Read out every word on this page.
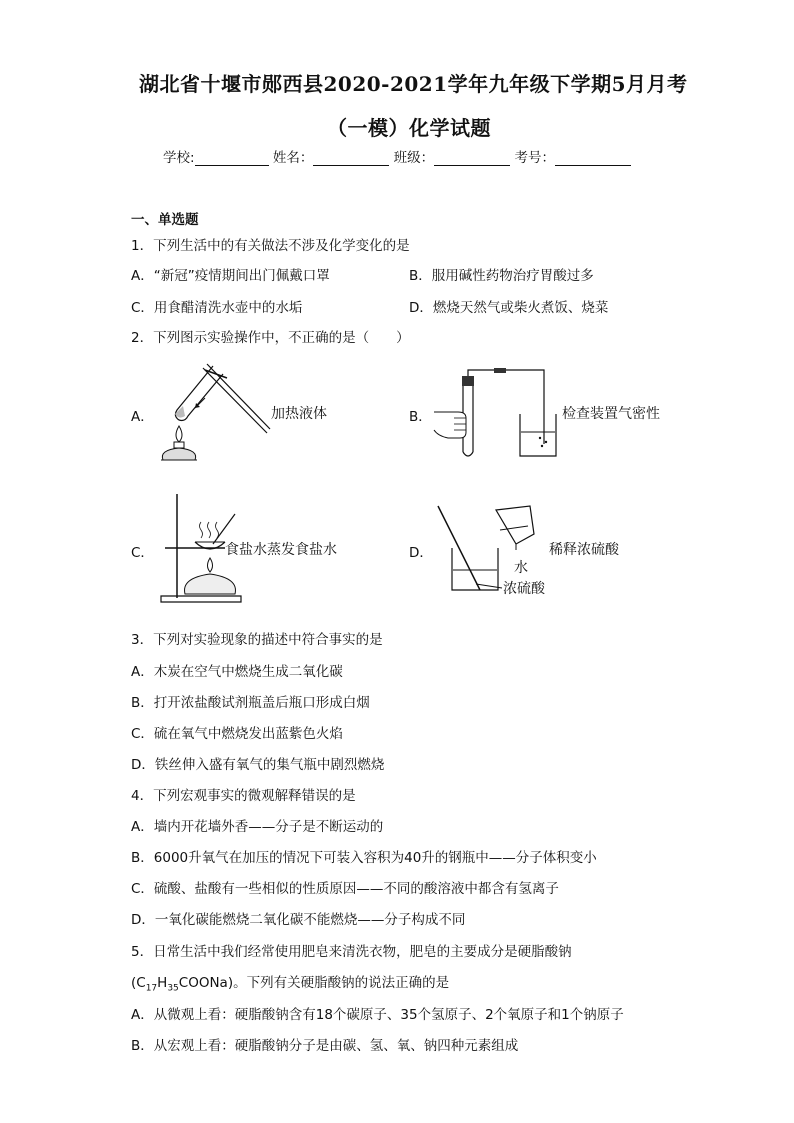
湖北省十堰市郧西县2020-2021学年九年级下学期5月月考
（一模）化学试题
学校:	姓名：	班级：	考号：
一、单选题
1．下列生活中的有关做法不涉及化学变化的是
A．“新冠”疫情期间出门佩戴口罩	B．服用碱性药物治疗胃酸过多
C．用食醋清洗水壶中的水垢	D．燃烧天然气或柴火煮饭、烧菜
2．下列图示实验操作中，不正确的是（　　）
A．	加热液体	B．	检查装置气密性
C．	食盐水蒸发食盐水	D．	稀释浓硫酸
水
浓硫酸
3．下列对实验现象的描述中符合事实的是
A．木炭在空气中燃烧生成二氧化碳
B．打开浓盐酸试剂瓶盖后瓶口形成白烟
C．硫在氧气中燃烧发出蓝紫色火焰
D．铁丝伸入盛有氧气的集气瓶中剧烈燃烧
4．下列宏观事实的微观解释错误的是
A．墙内开花墙外香——分子是不断运动的
B．6000升氧气在加压的情况下可装入容积为40升的钢瓶中——分子体积变小
C．硫酸、盐酸有一些相似的性质原因——不同的酸溶液中都含有氢离子
D．一氧化碳能燃烧二氧化碳不能燃烧——分子构成不同
5．日常生活中我们经常使用肥皂来清洗衣物，肥皂的主要成分是硬脂酸钠
$(C_{17}H_{35}COONa)$。下列有关硬脂酸钠的说法正确的是
A．从微观上看：硬脂酸钠含有18个碳原子、35个氢原子、2个氧原子和1个钠原子
B．从宏观上看：硬脂酸钠分子是由碳、氢、氧、钠四种元素组成
